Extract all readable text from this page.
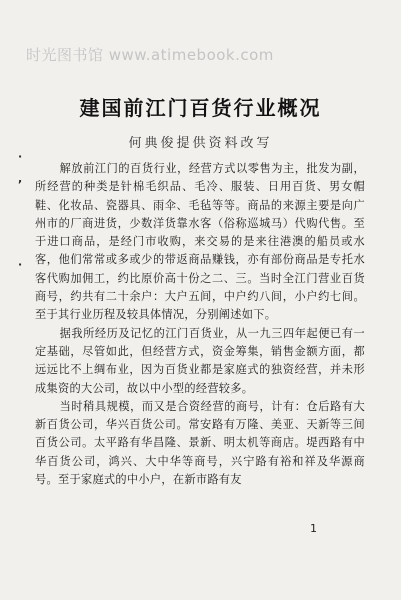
时光图书馆 www.atimebook.com
·
,
·
建国前江门百货行业概况
何典俊提供资料改写

解放前江门的百货行业，经营方式以零售为主，批发为副，所经营的种类是针棉毛织品、毛冷、服装、日用百货、男女帽鞋、化妆品、瓷器具、雨伞、毛毡等等。商品的来源主要是向广州市的厂商进货，少数洋货靠水客（俗称巡城马）代购代售。至于进口商品，是经门市收购，来交易的是来往港澳的船员或水客，他们常常或多或少的带返商品赚钱，亦有部份商品是专托水客代购加佣工，约比原价高十份之二、三。当时全江门营业百货商号，约共有二十余户：大户五间，中户约八间，小户约七间。至于其行业历程及较具体情况，分别阐述如下。

据我所经历及记忆的江门百货业，从一九三四年起便已有一定基础，尽管如此，但经营方式，资金筹集，销售金额方面，都远远比不上绸布业，因为百货业都是家庭式的独资经营，并未形成集资的大公司，故以中小型的经营较多。

当时稍具规模，而又是合资经营的商号，计有：仓后路有大新百货公司，华兴百货公司。常安路有万隆、美亚、天新等三间百货公司。太平路有华昌隆、景新、明太机等商店。堤西路有中华百货公司，鸿兴、大中华等商号，兴宁路有裕和祥及华源商号。至于家庭式的中小户，在新市路有友

1
